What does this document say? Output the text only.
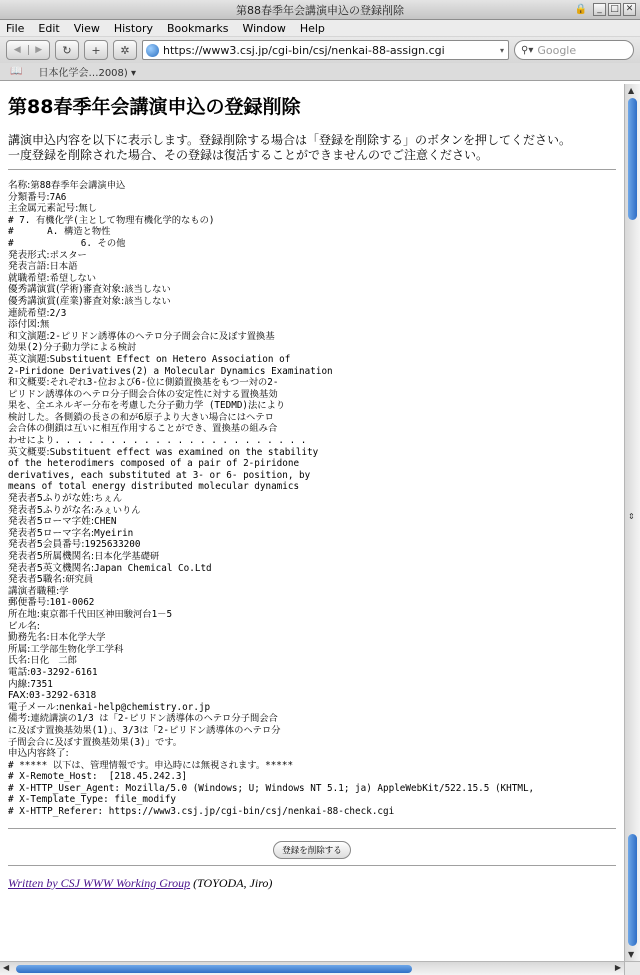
第88春季年会講演申込の登録削除	🔒	_ □ ✕
File Edit View History Bookmarks Window Help
◀	▶	↻ + ✲	https://www3.csj.jp/cgi-bin/csj/nenkai-88-assign.cgi	▾	⚲▾ Google
📖 日本化学会…2008) ▾
第88春季年会講演申込の登録削除
講演申込内容を以下に表示します。登録削除する場合は「登録を削除する」のボタンを押してください。
一度登録を削除された場合、その登録は復活することができませんのでご注意ください。
名称:第88春季年会講演申込
分類番号:7A6
主金属元素記号:無し
# 7. 有機化学(主として物理有機化学的なもの)
#      A. 構造と物性
#            6. その他
発表形式:ポスター
発表言語:日本語
就職希望:希望しない
優秀講演賞(学術)審査対象:該当しない
優秀講演賞(産業)審査対象:該当しない
連続希望:2/3
添付図:無
和文演題:2-ピリドン誘導体のヘテロ分子間会合に及ぼす置換基
効果(2)分子動力学による検討
英文演題:Substituent Effect on Hetero Association of
2-Piridone Derivatives(2) a Molecular Dynamics Examination
和文概要:それぞれ3-位および6-位に側鎖置換基をもつ一対の2-
ピリドン誘導体のヘテロ分子間会合体の安定性に対する置換基効
果を、全エネルギー分布を考慮した分子動力学 (TEDMD)法により
検討した。各側鎖の長さの和が6原子より大きい場合にはヘテロ
会合体の側鎖は互いに相互作用することができ、置換基の組み合
わせにより. . . . . . . . . . . . . . . . . . . . . . .
英文概要:Substituent effect was examined on the stability
of the heterodimers composed of a pair of 2-piridone
derivatives, each substituted at 3- or 6- position, by
means of total energy distributed molecular dynamics
発表者5ふりがな姓:ちぇん
発表者5ふりがな名:みぇいりん
発表者5ローマ字姓:CHEN
発表者5ローマ字名:Myeirin
発表者5会員番号:1925633200
発表者5所属機関名:日本化学基礎研
発表者5英文機関名:Japan Chemical Co.Ltd
発表者5職名:研究員
講演者職種:学
郵便番号:101-0062
所在地:東京都千代田区神田駿河台1－5
ビル名:
勤務先名:日本化学大学
所属:工学部生物化学工学科
氏名:日化　二郎
電話:03-3292-6161
内線:7351
FAX:03-3292-6318
電子メール:nenkai-help@chemistry.or.jp
備考:連続講演の1/3 は「2-ピリドン誘導体のヘテロ分子間会合
に及ぼす置換基効果(1)」、3/3は「2-ピリドン誘導体のヘテロ分
子間会合に及ぼす置換基効果(3)」です。
申込内容終了:
# ***** 以下は、管理情報です。申込時には無視されます。*****
# X-Remote_Host:  [218.45.242.3]
# X-HTTP_User_Agent: Mozilla/5.0 (Windows; U; Windows NT 5.1; ja) AppleWebKit/522.15.5 (KHTML,
# X-Template_Type: file_modify
# X-HTTP_Referer: https://www3.csj.jp/cgi-bin/csj/nenkai-88-check.cgi
登録を削除する
Written by CSJ WWW Working Group (TOYODA, Jiro)
▲
⇕
▼
◀	▶
